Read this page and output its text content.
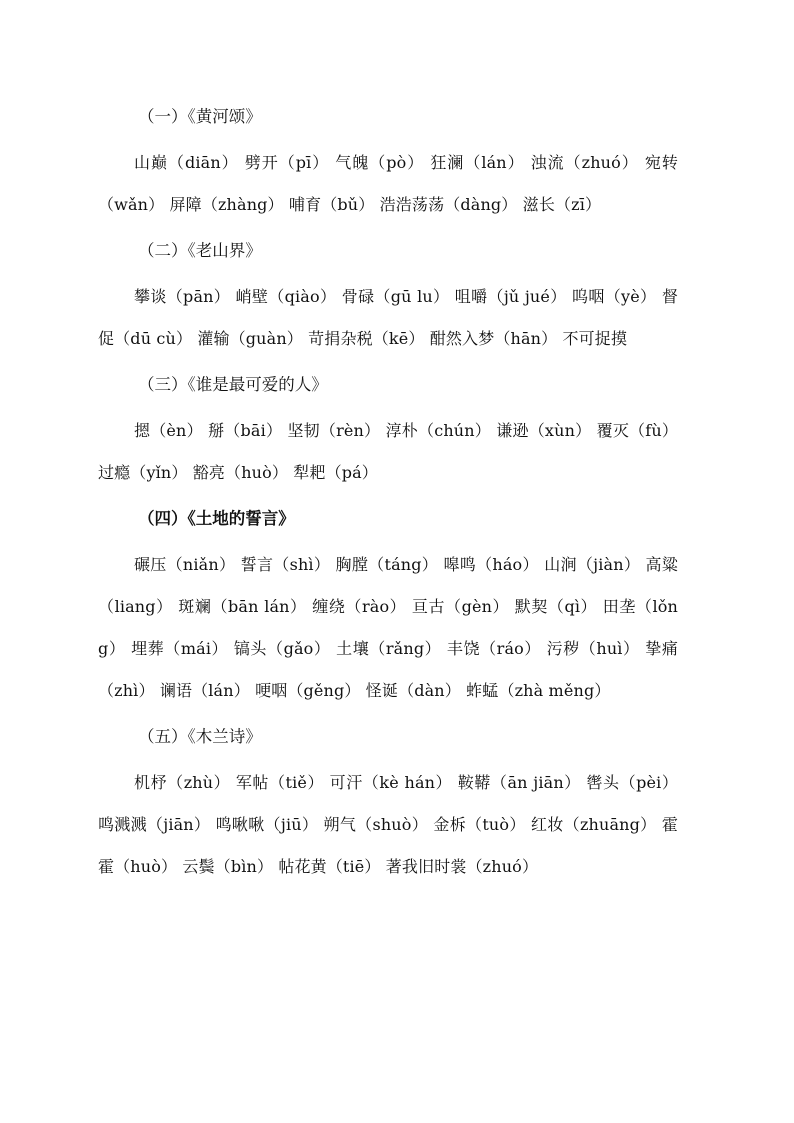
（一）《黄河颂》

山巅（diān） 劈开（pī） 气魄（pò） 狂澜（lán） 浊流（zhuó） 宛转（wǎn） 屏障（zhàng） 哺育（bǔ） 浩浩荡荡（dàng） 滋长（zī）

（二）《老山界》

攀谈（pān） 峭壁（qiào） 骨碌（gū lu） 咀嚼（jǔ jué） 呜咽（yè） 督促（dū cù） 灌输（guàn） 苛捐杂税（kē） 酣然入梦（hān） 不可捉摸

（三）《谁是最可爱的人》

摁（èn） 掰（bāi） 坚韧（rèn） 淳朴（chún） 谦逊（xùn） 覆灭（fù） 过瘾（yǐn） 豁亮（huò） 犁耙（pá）

（四）《土地的誓言》

碾压（niǎn） 誓言（shì） 胸膛（táng） 嗥鸣（háo） 山涧（jiàn） 高粱（liang） 斑斓（bān lán） 缠绕（rào） 亘古（gèn） 默契（qì） 田垄（lǒng） 埋葬（mái） 镐头（gǎo） 土壤（rǎng） 丰饶（ráo） 污秽（huì） 挚痛（zhì） 谰语（lán） 哽咽（gěng） 怪诞（dàn） 蚱蜢（zhà měng）

（五）《木兰诗》

机杼（zhù） 军帖（tiě） 可汗（kè hán） 鞍鞯（ān jiān） 辔头（pèi） 鸣溅溅（jiān） 鸣啾啾（jiū） 朔气（shuò） 金柝（tuò） 红妆（zhuāng） 霍霍（huò） 云鬓（bìn） 帖花黄（tiē） 著我旧时裳（zhuó）
